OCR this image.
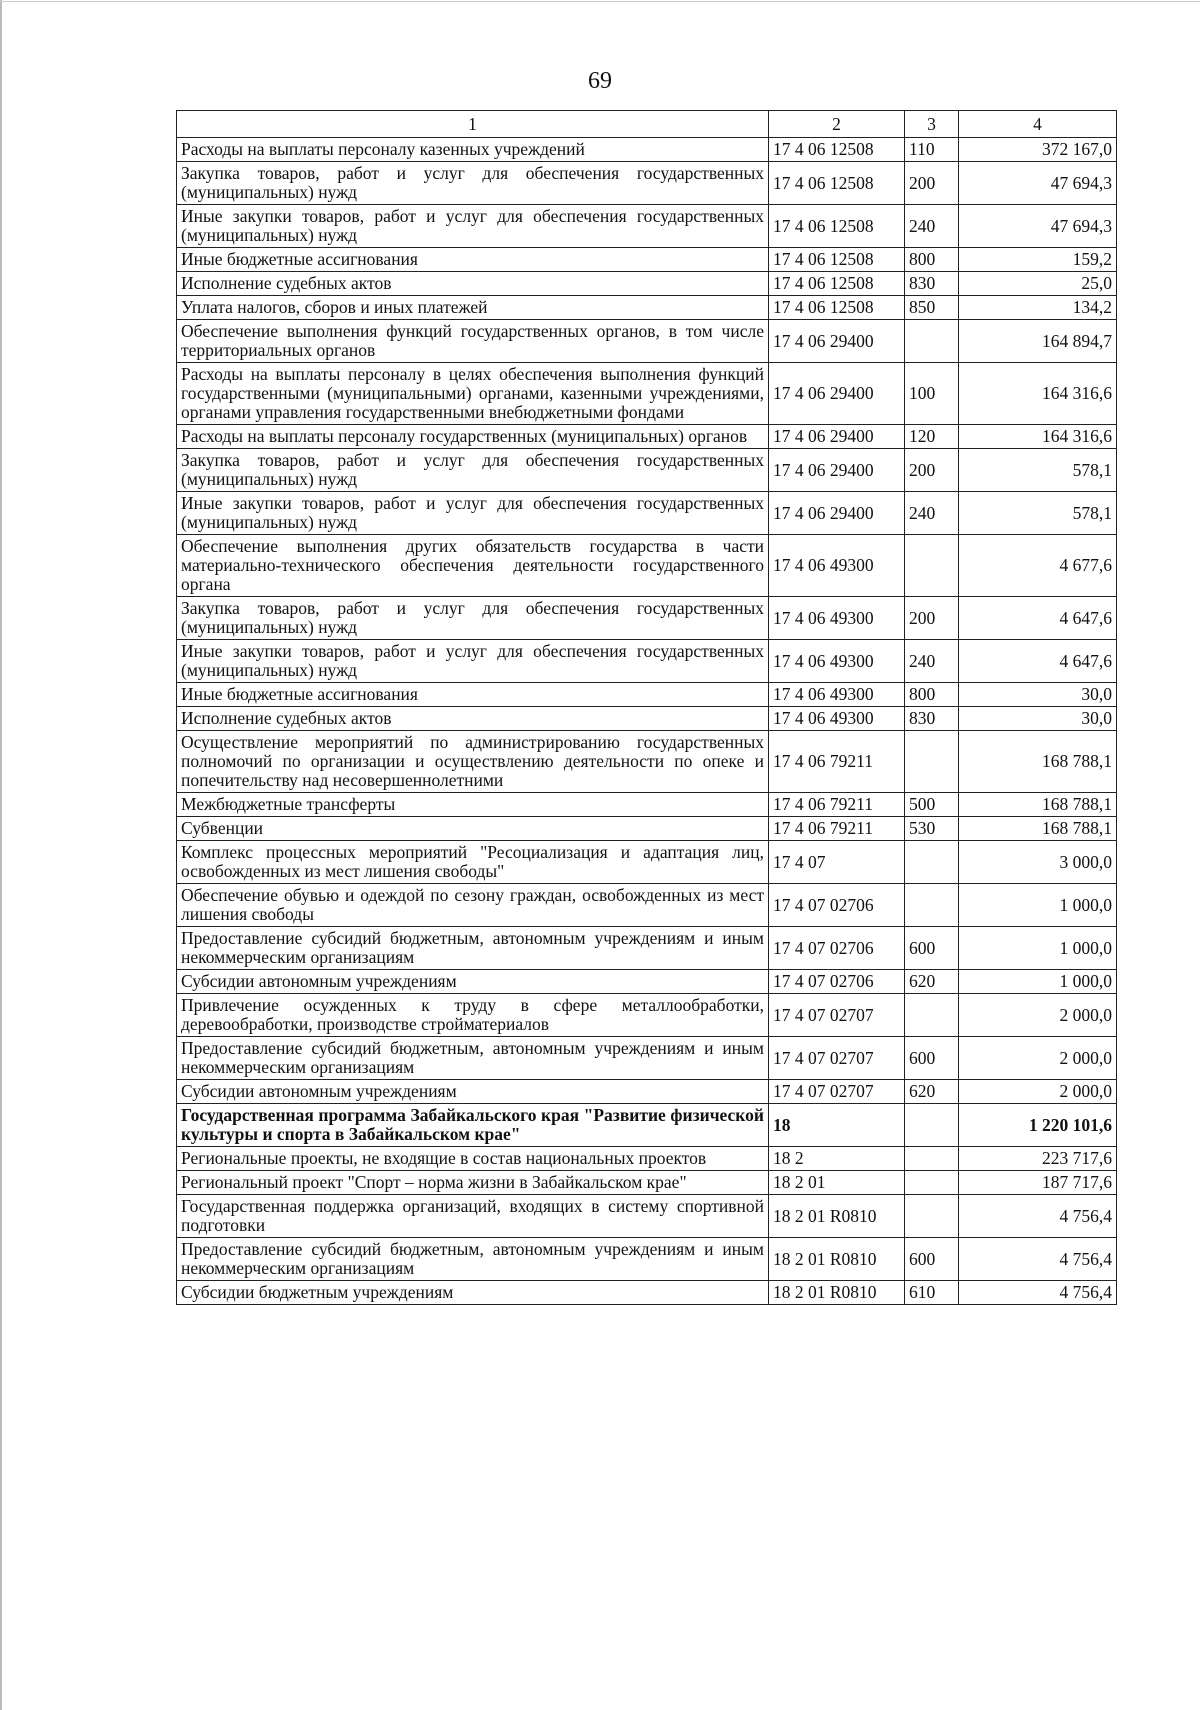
69
1	2	3	4
Расходы на выплаты персоналу казенных учреждений	17 4 06 12508	110	372 167,0
Закупка товаров, работ и услуг для обеспечения государственных (муниципальных) нужд	17 4 06 12508	200	47 694,3
Иные закупки товаров, работ и услуг для обеспечения государственных (муниципальных) нужд	17 4 06 12508	240	47 694,3
Иные бюджетные ассигнования	17 4 06 12508	800	159,2
Исполнение судебных актов	17 4 06 12508	830	25,0
Уплата налогов, сборов и иных платежей	17 4 06 12508	850	134,2
Обеспечение выполнения функций государственных органов, в том числе территориальных органов	17 4 06 29400		164 894,7
Расходы на выплаты персоналу в целях обеспечения выполнения функций государственными (муниципальными) органами, казенными учреждениями, органами управления государственными внебюджетными фондами	17 4 06 29400	100	164 316,6
Расходы на выплаты персоналу государственных (муниципальных) органов	17 4 06 29400	120	164 316,6
Закупка товаров, работ и услуг для обеспечения государственных (муниципальных) нужд	17 4 06 29400	200	578,1
Иные закупки товаров, работ и услуг для обеспечения государственных (муниципальных) нужд	17 4 06 29400	240	578,1
Обеспечение выполнения других обязательств государства в части материально-технического обеспечения деятельности государственного органа	17 4 06 49300		4 677,6
Закупка товаров, работ и услуг для обеспечения государственных (муниципальных) нужд	17 4 06 49300	200	4 647,6
Иные закупки товаров, работ и услуг для обеспечения государственных (муниципальных) нужд	17 4 06 49300	240	4 647,6
Иные бюджетные ассигнования	17 4 06 49300	800	30,0
Исполнение судебных актов	17 4 06 49300	830	30,0
Осуществление мероприятий по администрированию государственных полномочий по организации и осуществлению деятельности по опеке и попечительству над несовершеннолетними	17 4 06 79211		168 788,1
Межбюджетные трансферты	17 4 06 79211	500	168 788,1
Субвенции	17 4 06 79211	530	168 788,1
Комплекс процессных мероприятий "Ресоциализация и адаптация лиц, освобожденных из мест лишения свободы"	17 4 07		3 000,0
Обеспечение обувью и одеждой по сезону граждан, освобожденных из мест лишения свободы	17 4 07 02706		1 000,0
Предоставление субсидий бюджетным, автономным учреждениям и иным некоммерческим организациям	17 4 07 02706	600	1 000,0
Субсидии автономным учреждениям	17 4 07 02706	620	1 000,0
Привлечение осужденных к труду в сфере металлообработки, деревообработки, производстве стройматериалов	17 4 07 02707		2 000,0
Предоставление субсидий бюджетным, автономным учреждениям и иным некоммерческим организациям	17 4 07 02707	600	2 000,0
Субсидии автономным учреждениям	17 4 07 02707	620	2 000,0
Государственная программа Забайкальского края "Развитие физической культуры и спорта в Забайкальском крае"	18		1 220 101,6
Региональные проекты, не входящие в состав национальных проектов	18 2		223 717,6
Региональный проект "Спорт – норма жизни в Забайкальском крае"	18 2 01		187 717,6
Государственная поддержка организаций, входящих в систему спортивной подготовки	18 2 01 R0810		4 756,4
Предоставление субсидий бюджетным, автономным учреждениям и иным некоммерческим организациям	18 2 01 R0810	600	4 756,4
Субсидии бюджетным учреждениям	18 2 01 R0810	610	4 756,4
